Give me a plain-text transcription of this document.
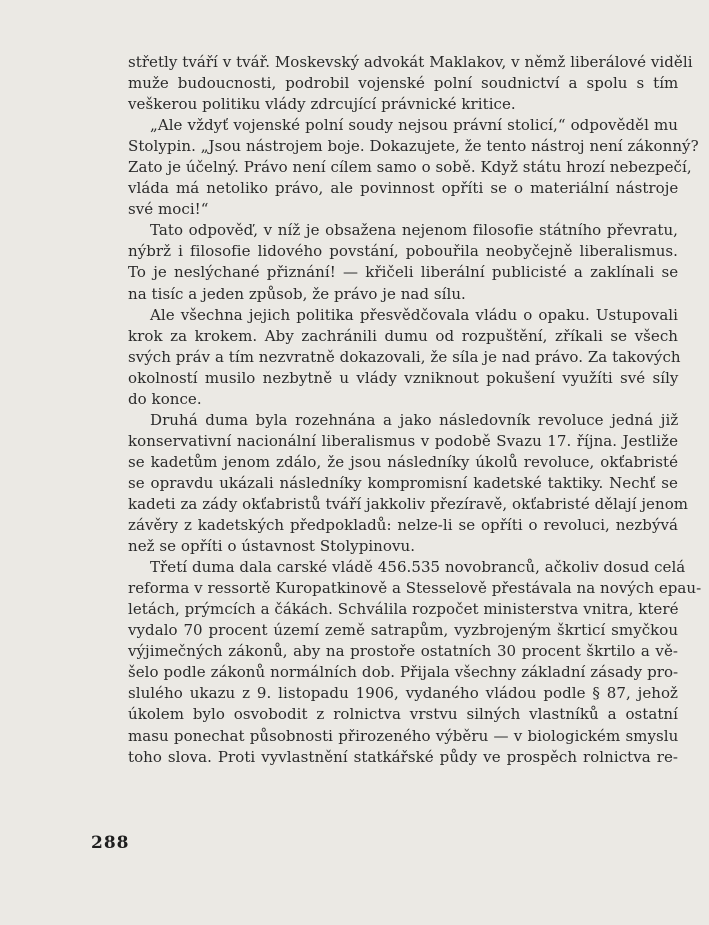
střetly tváří v tvář. Moskevský advokát Maklakov, v němž liberálové viděli
muže budoucnosti, podrobil vojenské polní soudnictví a spolu s tím
veškerou politiku vlády zdrcující právnické kritice.
„Ale vždyť vojenské polní soudy nejsou právní stolicí,“ odpověděl mu
Stolypin. „Jsou nástrojem boje. Dokazujete, že tento nástroj není zákonný?
Zato je účelný. Právo není cílem samo o sobě. Když státu hrozí nebezpečí,
vláda má netoliko právo, ale povinnost opříti se o materiální nástroje
své moci!“
Tato odpověď, v níž je obsažena nejenom filosofie státního převratu,
nýbrž i filosofie lidového povstání, pobouřila neobyčejně liberalismus.
To je neslýchané přiznání! — křičeli liberální publicisté a zaklínali se
na tisíc a jeden způsob, že právo je nad sílu.
Ale všechna jejich politika přesvědčovala vládu o opaku. Ustupovali
krok za krokem. Aby zachránili dumu od rozpuštění, zříkali se všech
svých práv a tím nezvratně dokazovali, že síla je nad právo. Za takových
okolností musilo nezbytně u vlády vzniknout pokušení využíti své síly
do konce.
Druhá duma byla rozehnána a jako následovník revoluce jedná již
konservativní nacionální liberalismus v podobě Svazu 17. října. Jestliže
se kadetům jenom zdálo, že jsou následníky úkolů revoluce, okťabristé
se opravdu ukázali následníky kompromisní kadetské taktiky. Nechť se
kadeti za zády okťabristů tváří jakkoliv přezíravě, okťabristé dělají jenom
závěry z kadetských předpokladů: nelze-li se opříti o revoluci, nezbývá
než se opříti o ústavnost Stolypinovu.
Třetí duma dala carské vládě 456.535 novobranců, ačkoliv dosud celá
reforma v ressortě Kuropatkinově a Stesselově přestávala na nových epau-
letách, prýmcích a čákách. Schválila rozpočet ministerstva vnitra, které
vydalo 70 procent území země satrapům, vyzbrojeným škrticí smyčkou
výjimečných zákonů, aby na prostoře ostatních 30 procent škrtilo a vě-
šelo podle zákonů normálních dob. Přijala všechny základní zásady pro-
slulého ukazu z 9. listopadu 1906, vydaného vládou podle § 87, jehož
úkolem bylo osvobodit z rolnictva vrstvu silných vlastníků a ostatní
masu ponechat působnosti přirozeného výběru — v biologickém smyslu
toho slova. Proti vyvlastnění statkářské půdy ve prospěch rolnictva re-
288
